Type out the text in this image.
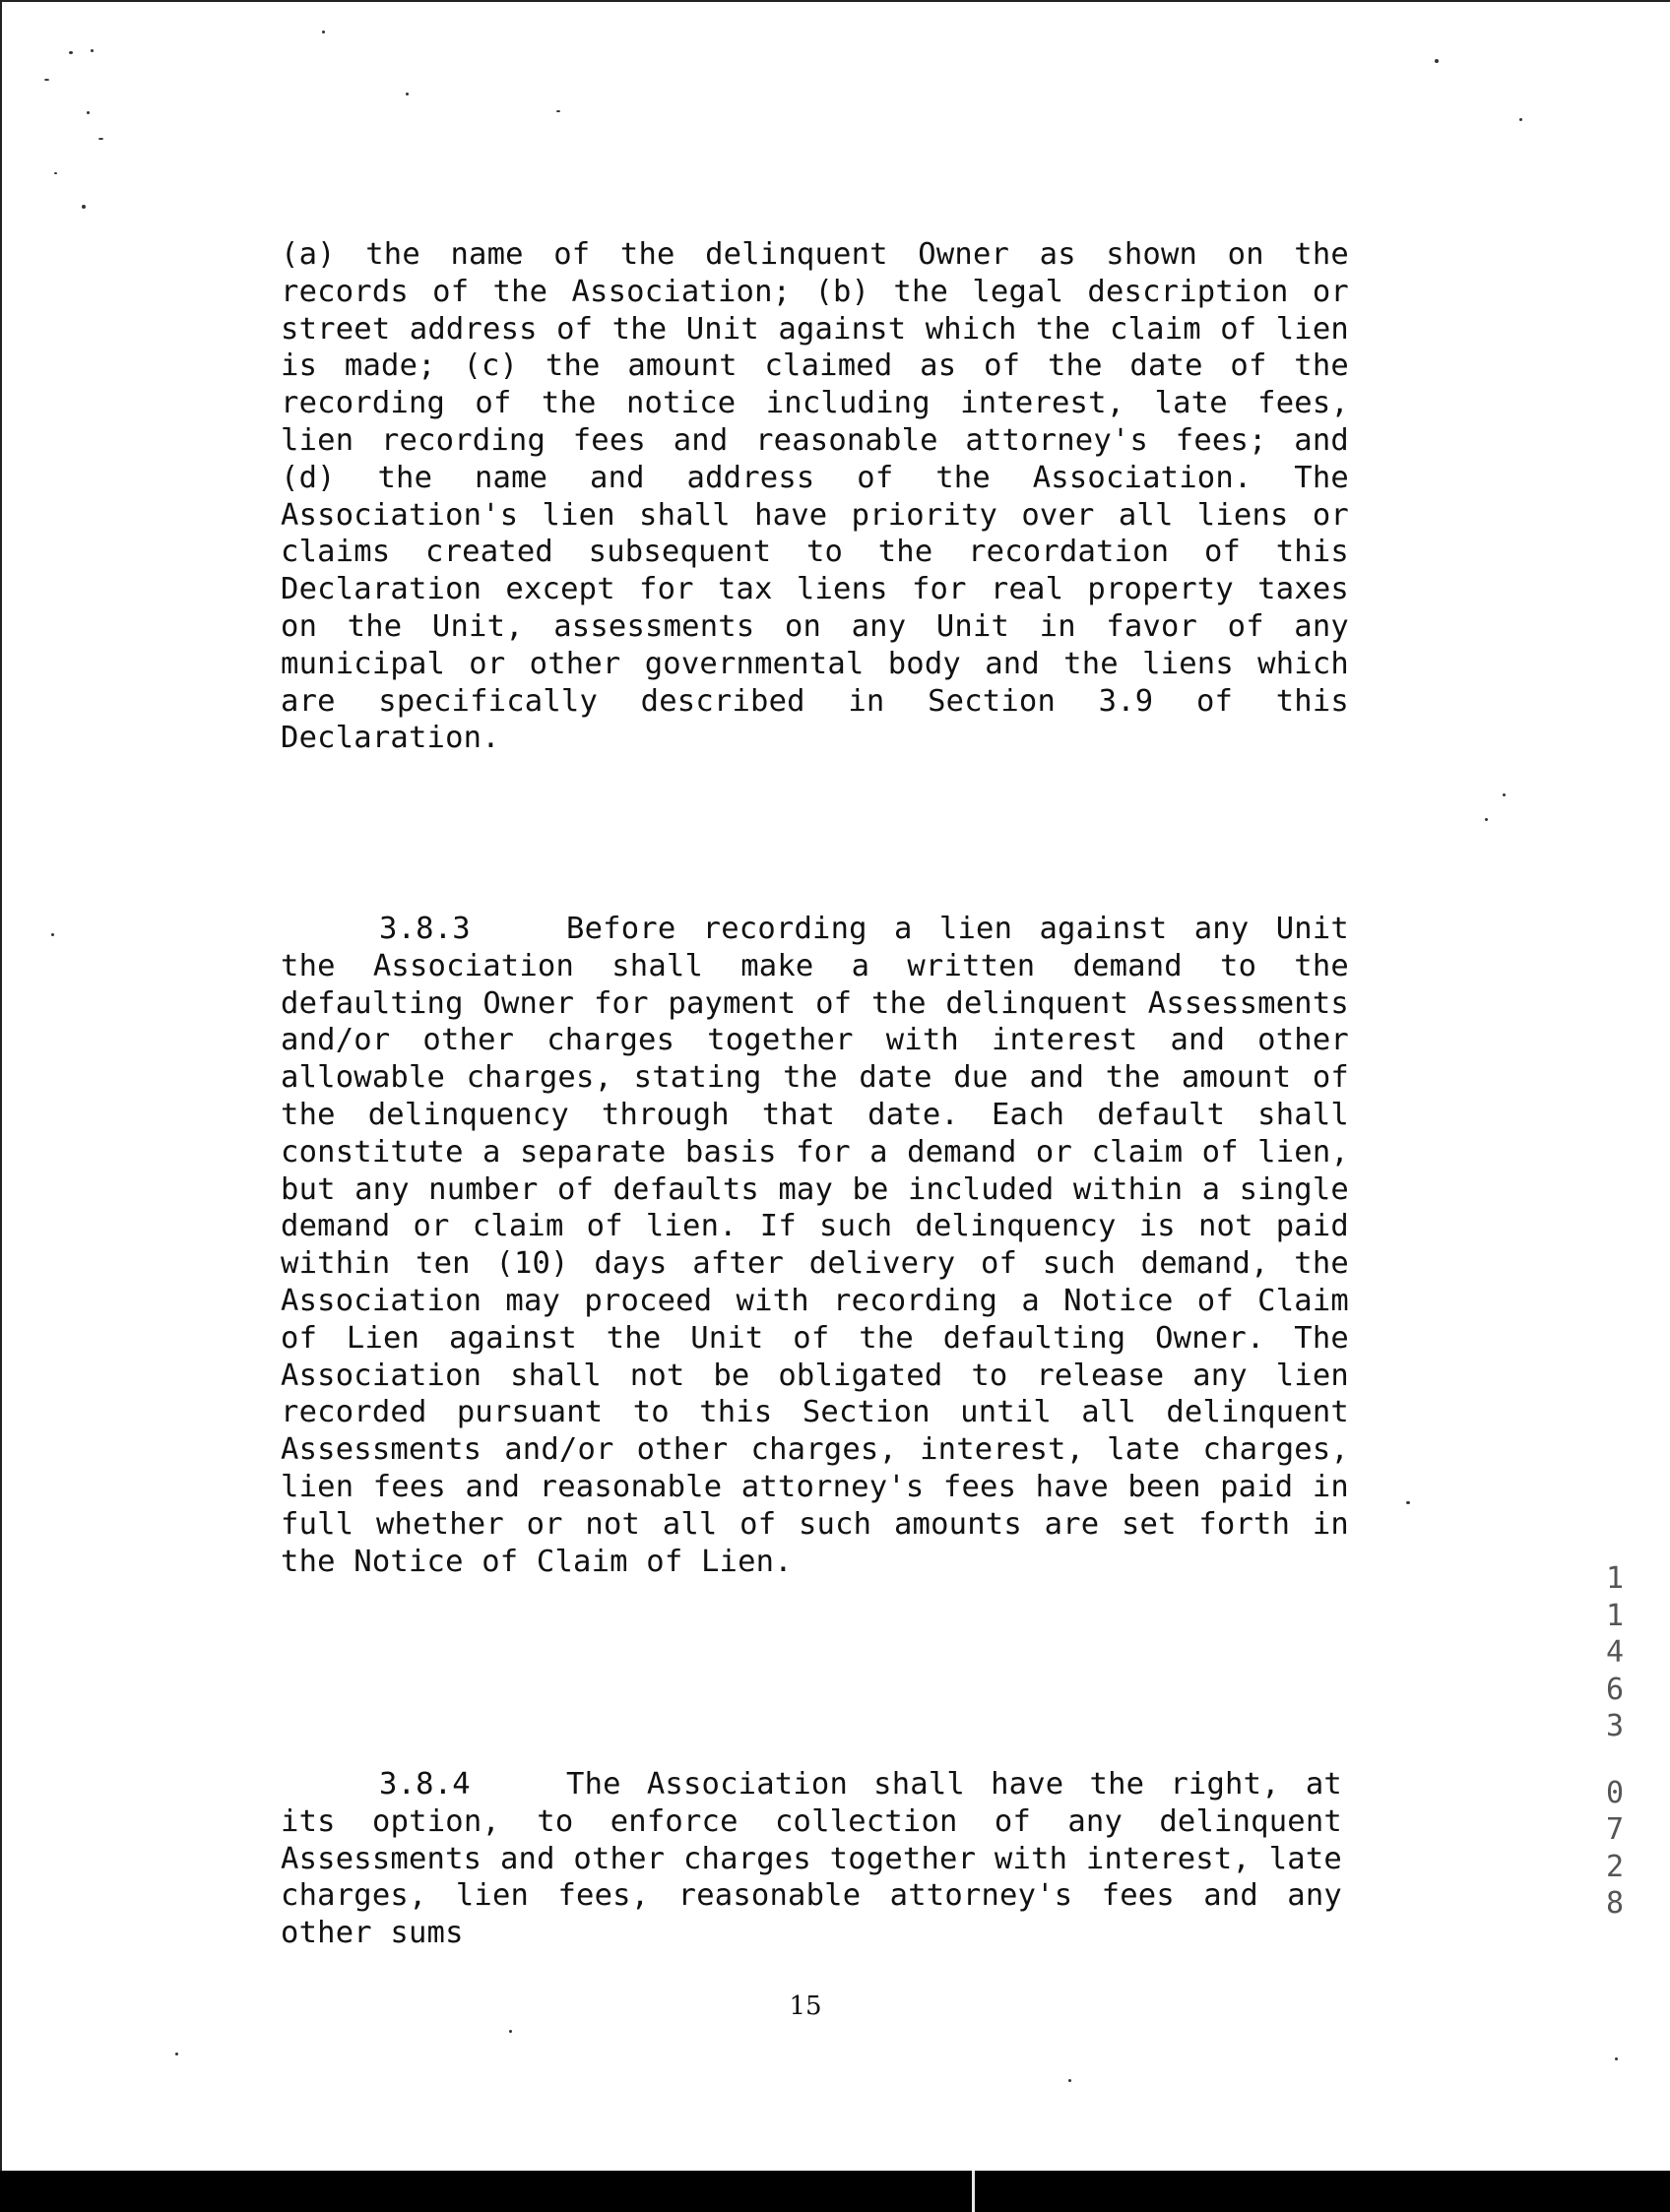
(a) the name of the delinquent Owner as shown on the records of the Association; (b) the legal description or street address of the Unit against which the claim of lien is made; (c) the amount claimed as of the date of the recording of the notice including interest, late fees, lien recording fees and reasonable attorney's fees; and (d) the name and address of the Association. The Association's lien shall have priority over all liens or claims created subsequent to the recordation of this Declaration except for tax liens for real property taxes on the Unit, assessments on any Unit in favor of any municipal or other governmental body and the liens which are specifically described in Section 3.9 of this Declaration.

3.8.3	Before recording a lien against any Unit the Association shall make a written demand to the defaulting Owner for payment of the delinquent Assessments and/or other charges together with interest and other allowable charges, stating the date due and the amount of the delinquency through that date. Each default shall constitute a separate basis for a demand or claim of lien, but any number of defaults may be included within a single demand or claim of lien. If such delinquency is not paid within ten (10) days after delivery of such demand, the Association may proceed with recording a Notice of Claim of Lien against the Unit of the defaulting Owner. The Association shall not be obligated to release any lien recorded pursuant to this Section until all delinquent Assessments and/or other charges, interest, late charges, lien fees and reasonable attorney's fees have been paid in full whether or not all of such amounts are set forth in the Notice of Claim of Lien.

3.8.4	The Association shall have the right, at its option, to enforce collection of any delinquent Assessments and other charges together with interest, late charges, lien fees, reasonable attorney's fees and any other sums

15
1
1
4
6
3
0
7
2
8
